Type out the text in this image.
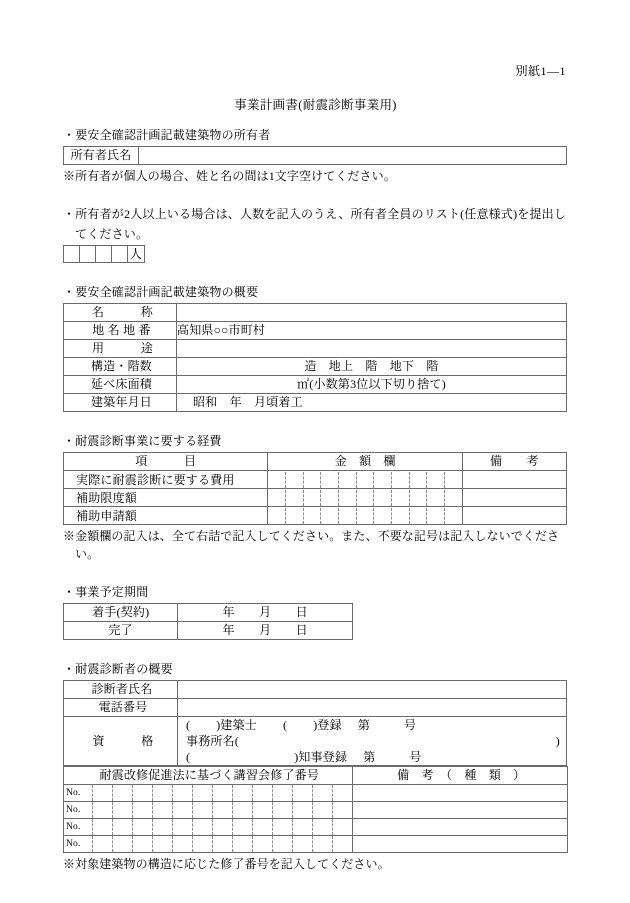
別紙1—1
事業計画書(耐震診断事業用)
・要安全確認計画記載建築物の所有者
所有者氏名	
※所有者が個人の場合、姓と名の間は1文字空けてください。
・所有者が2人以上いる場合は、人数を記入のうえ、所有者全員のリスト(任意様式)を提出し
てください。
				人
・要安全確認計画記載建築物の概要
名　　　称	
地 名 地 番	高知県○○市町村
用　　　途	
構造・階数	造　地上　階　地下　階
延べ床面積	㎡(小数第3位以下切り捨て)
建築年月日	昭和　年　月頃着工
・耐震診断事業に要する経費
項　　　目	金　額　欄	備　　考
実際に耐震診断に要する費用	

補助限度額	

補助申請額	

※金額欄の記入は、全て右詰で記入してください。また、不要な記号は記入しないでくださ
い。
・事業予定期間
着手(契約)	年　　月　　日
完了	年　　月　　日
・耐震診断者の概要
診断者氏名	
電話番号	
資　　　格	( )建築士 ( )登録 第 号
事務所名( )
( )知事登録 第 号
耐震改修促進法に基づく講習会修了番号	備　考　（　種　類　）

No.	

No.	

No.	

No.	

※対象建築物の構造に応じた修了番号を記入してください。
